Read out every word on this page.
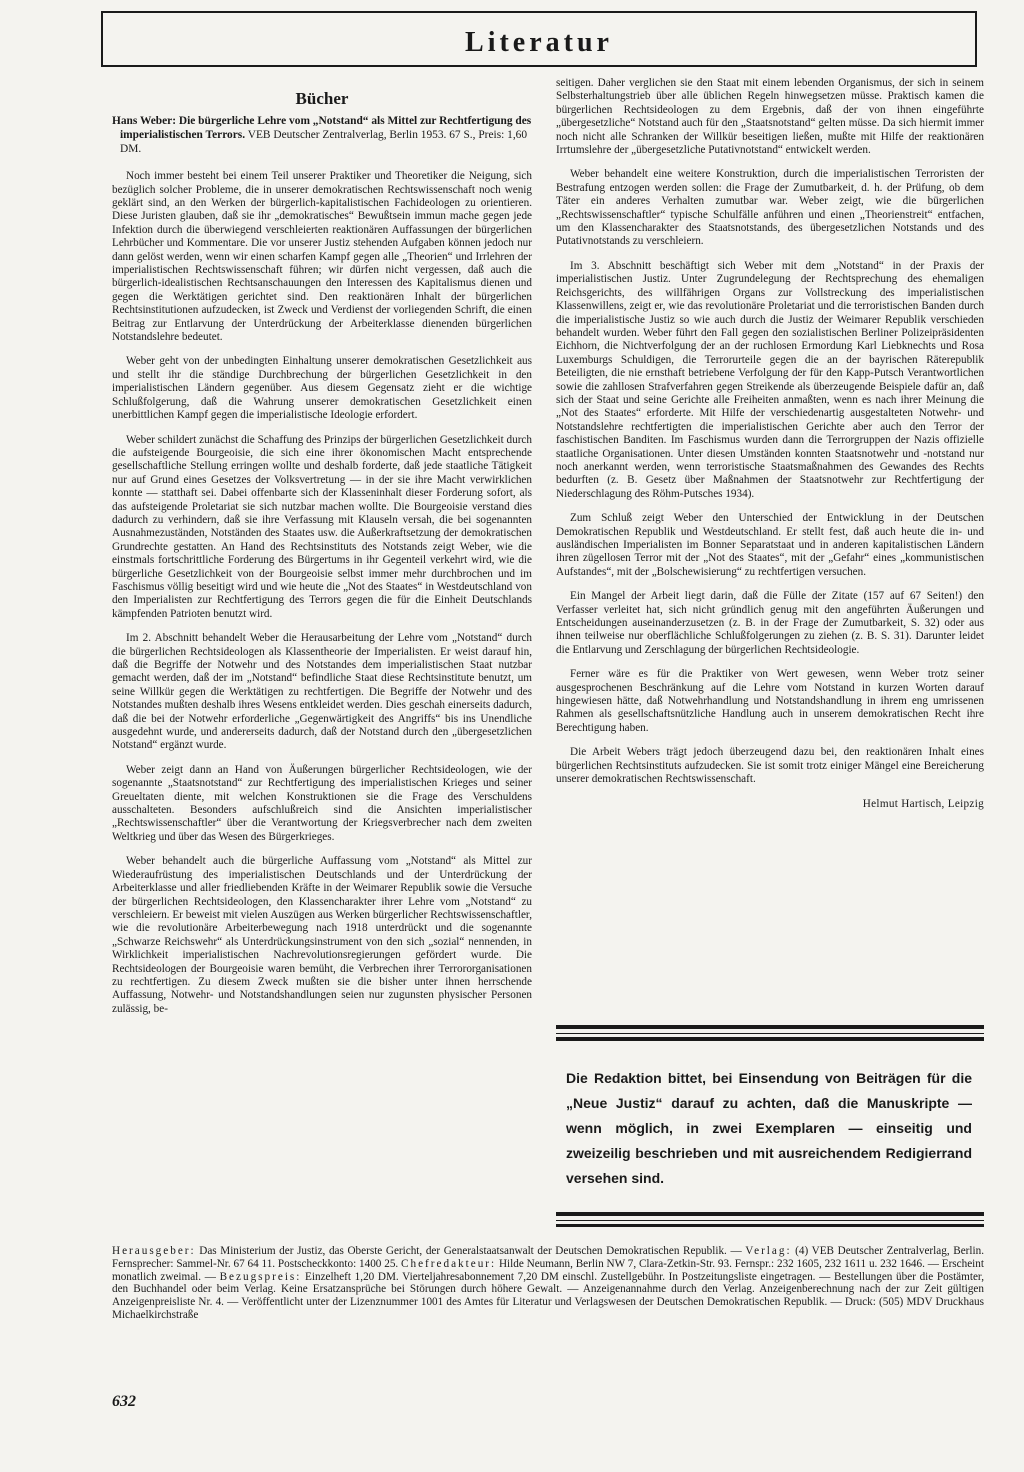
Literatur
Bücher
Hans Weber: Die bürgerliche Lehre vom „Notstand“ als Mittel zur Rechtfertigung des imperialistischen Terrors. VEB Deutscher Zentralverlag, Berlin 1953. 67 S., Preis: 1,60 DM.

Noch immer besteht bei einem Teil unserer Praktiker und Theoretiker die Neigung, sich bezüglich solcher Probleme, die in unserer demokratischen Rechtswissenschaft noch wenig geklärt sind, an den Werken der bürgerlich-kapitalistischen Fachideologen zu orientieren. Diese Juristen glauben, daß sie ihr „demokratisches“ Bewußtsein immun mache gegen jede Infektion durch die überwiegend verschleierten reaktionären Auffassungen der bürgerlichen Lehrbücher und Kommentare. Die vor unserer Justiz stehenden Aufgaben können jedoch nur dann gelöst werden, wenn wir einen scharfen Kampf gegen alle „Theorien“ und Irrlehren der imperialistischen Rechtswissenschaft führen; wir dürfen nicht vergessen, daß auch die bürgerlich-idealistischen Rechtsanschauungen den Interessen des Kapitalismus dienen und gegen die Werktätigen gerichtet sind. Den reaktionären Inhalt der bürgerlichen Rechtsinstitutionen aufzudecken, ist Zweck und Verdienst der vorliegenden Schrift, die einen Beitrag zur Entlarvung der Unterdrückung der Arbeiterklasse dienenden bürgerlichen Notstandslehre bedeutet.

Weber geht von der unbedingten Einhaltung unserer demokratischen Gesetzlichkeit aus und stellt ihr die ständige Durchbrechung der bürgerlichen Gesetzlichkeit in den imperialistischen Ländern gegenüber. Aus diesem Gegensatz zieht er die wichtige Schlußfolgerung, daß die Wahrung unserer demokratischen Gesetzlichkeit einen unerbittlichen Kampf gegen die imperialistische Ideologie erfordert.

Weber schildert zunächst die Schaffung des Prinzips der bürgerlichen Gesetzlichkeit durch die aufsteigende Bourgeoisie, die sich eine ihrer ökonomischen Macht entsprechende gesellschaftliche Stellung erringen wollte und deshalb forderte, daß jede staatliche Tätigkeit nur auf Grund eines Gesetzes der Volksvertretung — in der sie ihre Macht verwirklichen konnte — statthaft sei. Dabei offenbarte sich der Klasseninhalt dieser Forderung sofort, als das aufsteigende Proletariat sie sich nutzbar machen wollte. Die Bourgeoisie verstand dies dadurch zu verhindern, daß sie ihre Verfassung mit Klauseln versah, die bei sogenannten Ausnahmezuständen, Notständen des Staates usw. die Außerkraftsetzung der demokratischen Grundrechte gestatten. An Hand des Rechtsinstituts des Notstands zeigt Weber, wie die einstmals fortschrittliche Forderung des Bürgertums in ihr Gegenteil verkehrt wird, wie die bürgerliche Gesetzlichkeit von der Bourgeoisie selbst immer mehr durchbrochen und im Faschismus völlig beseitigt wird und wie heute die „Not des Staates“ in Westdeutschland von den Imperialisten zur Rechtfertigung des Terrors gegen die für die Einheit Deutschlands kämpfenden Patrioten benutzt wird.

Im 2. Abschnitt behandelt Weber die Herausarbeitung der Lehre vom „Notstand“ durch die bürgerlichen Rechtsideologen als Klassentheorie der Imperialisten. Er weist darauf hin, daß die Begriffe der Notwehr und des Notstandes dem imperialistischen Staat nutzbar gemacht werden, daß der im „Notstand“ befindliche Staat diese Rechtsinstitute benutzt, um seine Willkür gegen die Werktätigen zu rechtfertigen. Die Begriffe der Notwehr und des Notstandes mußten deshalb ihres Wesens entkleidet werden. Dies geschah einerseits dadurch, daß die bei der Notwehr erforderliche „Gegenwärtigkeit des Angriffs“ bis ins Unendliche ausgedehnt wurde, und andererseits dadurch, daß der Notstand durch den „übergesetzlichen Notstand“ ergänzt wurde.

Weber zeigt dann an Hand von Äußerungen bürgerlicher Rechtsideologen, wie der sogenannte „Staatsnotstand“ zur Rechtfertigung des imperialistischen Krieges und seiner Greueltaten diente, mit welchen Konstruktionen sie die Frage des Verschuldens ausschalteten. Besonders aufschlußreich sind die Ansichten imperialistischer „Rechtswissenschaftler“ über die Verantwortung der Kriegsverbrecher nach dem zweiten Weltkrieg und über das Wesen des Bürgerkrieges.

Weber behandelt auch die bürgerliche Auffassung vom „Notstand“ als Mittel zur Wiederaufrüstung des imperialistischen Deutschlands und der Unterdrückung der Arbeiterklasse und aller friedliebenden Kräfte in der Weimarer Republik sowie die Versuche der bürgerlichen Rechtsideologen, den Klassencharakter ihrer Lehre vom „Notstand“ zu verschleiern. Er beweist mit vielen Auszügen aus Werken bürgerlicher Rechtswissenschaftler, wie die revolutionäre Arbeiterbewegung nach 1918 unterdrückt und die sogenannte „Schwarze Reichswehr“ als Unterdrückungsinstrument von den sich „sozial“ nennenden, in Wirklichkeit imperialistischen Nachrevolutionsregierungen gefördert wurde. Die Rechtsideologen der Bourgeoisie waren bemüht, die Verbrechen ihrer Terrororganisationen zu rechtfertigen. Zu diesem Zweck mußten sie die bisher unter ihnen herrschende Auffassung, Notwehr- und Notstandshandlungen seien nur zugunsten physischer Personen zulässig, be-

seitigen. Daher verglichen sie den Staat mit einem lebenden Organismus, der sich in seinem Selbsterhaltungstrieb über alle üblichen Regeln hinwegsetzen müsse. Praktisch kamen die bürgerlichen Rechtsideologen zu dem Ergebnis, daß der von ihnen eingeführte „übergesetzliche“ Notstand auch für den „Staatsnotstand“ gelten müsse. Da sich hiermit immer noch nicht alle Schranken der Willkür beseitigen ließen, mußte mit Hilfe der reaktionären Irrtumslehre der „übergesetzliche Putativnotstand“ entwickelt werden.

Weber behandelt eine weitere Konstruktion, durch die imperialistischen Terroristen der Bestrafung entzogen werden sollen: die Frage der Zumutbarkeit, d. h. der Prüfung, ob dem Täter ein anderes Verhalten zumutbar war. Weber zeigt, wie die bürgerlichen „Rechtswissenschaftler“ typische Schulfälle anführen und einen „Theorienstreit“ entfachen, um den Klassencharakter des Staatsnotstands, des übergesetzlichen Notstands und des Putativnotstands zu verschleiern.

Im 3. Abschnitt beschäftigt sich Weber mit dem „Notstand“ in der Praxis der imperialistischen Justiz. Unter Zugrundelegung der Rechtsprechung des ehemaligen Reichsgerichts, des willfährigen Organs zur Vollstreckung des imperialistischen Klassenwillens, zeigt er, wie das revolutionäre Proletariat und die terroristischen Banden durch die imperialistische Justiz so wie auch durch die Justiz der Weimarer Republik verschieden behandelt wurden. Weber führt den Fall gegen den sozialistischen Berliner Polizeipräsidenten Eichhorn, die Nichtverfolgung der an der ruchlosen Ermordung Karl Liebknechts und Rosa Luxemburgs Schuldigen, die Terrorurteile gegen die an der bayrischen Räterepublik Beteiligten, die nie ernsthaft betriebene Verfolgung der für den Kapp-Putsch Verantwortlichen sowie die zahllosen Strafverfahren gegen Streikende als überzeugende Beispiele dafür an, daß sich der Staat und seine Gerichte alle Freiheiten anmaßten, wenn es nach ihrer Meinung die „Not des Staates“ erforderte. Mit Hilfe der verschiedenartig ausgestalteten Notwehr- und Notstandslehre rechtfertigten die imperialistischen Gerichte aber auch den Terror der faschistischen Banditen. Im Faschismus wurden dann die Terrorgruppen der Nazis offizielle staatliche Organisationen. Unter diesen Umständen konnten Staatsnotwehr und -notstand nur noch anerkannt werden, wenn terroristische Staatsmaßnahmen des Gewandes des Rechts bedurften (z. B. Gesetz über Maßnahmen der Staatsnotwehr zur Rechtfertigung der Niederschlagung des Röhm-Putsches 1934).

Zum Schluß zeigt Weber den Unterschied der Entwicklung in der Deutschen Demokratischen Republik und Westdeutschland. Er stellt fest, daß auch heute die in- und ausländischen Imperialisten im Bonner Separatstaat und in anderen kapitalistischen Ländern ihren zügellosen Terror mit der „Not des Staates“, mit der „Gefahr“ eines „kommunistischen Aufstandes“, mit der „Bolschewisierung“ zu rechtfertigen versuchen.

Ein Mangel der Arbeit liegt darin, daß die Fülle der Zitate (157 auf 67 Seiten!) den Verfasser verleitet hat, sich nicht gründlich genug mit den angeführten Äußerungen und Entscheidungen auseinanderzusetzen (z. B. in der Frage der Zumutbarkeit, S. 32) oder aus ihnen teilweise nur oberflächliche Schlußfolgerungen zu ziehen (z. B. S. 31). Darunter leidet die Entlarvung und Zerschlagung der bürgerlichen Rechtsideologie.

Ferner wäre es für die Praktiker von Wert gewesen, wenn Weber trotz seiner ausgesprochenen Beschränkung auf die Lehre vom Notstand in kurzen Worten darauf hingewiesen hätte, daß Notwehrhandlung und Notstandshandlung in ihrem eng umrissenen Rahmen als gesellschaftsnützliche Handlung auch in unserem demokratischen Recht ihre Berechtigung haben.

Die Arbeit Webers trägt jedoch überzeugend dazu bei, den reaktionären Inhalt eines bürgerlichen Rechtsinstituts aufzudecken. Sie ist somit trotz einiger Mängel eine Bereicherung unserer demokratischen Rechtswissenschaft.

Helmut Hartisch, Leipzig

Die Redaktion bittet, bei Einsendung von Beiträgen für die „Neue Justiz“ darauf zu achten, daß die Manuskripte — wenn möglich, in zwei Exemplaren — einseitig und zweizeilig beschrieben und mit ausreichendem Redigierrand versehen sind.
Herausgeber: Das Ministerium der Justiz, das Oberste Gericht, der Generalstaatsanwalt der Deutschen Demokratischen Republik. — Verlag: (4) VEB Deutscher Zentralverlag, Berlin. Fernsprecher: Sammel-Nr. 67 64 11. Postscheckkonto: 1400 25. Chefredakteur: Hilde Neumann, Berlin NW 7, Clara-Zetkin-Str. 93. Fernspr.: 232 1605, 232 1611 u. 232 1646. — Erscheint monatlich zweimal. — Bezugspreis: Einzelheft 1,20 DM. Vierteljahresabonnement 7,20 DM einschl. Zustellgebühr. In Postzeitungsliste eingetragen. — Bestellungen über die Postämter, den Buchhandel oder beim Verlag. Keine Ersatzansprüche bei Störungen durch höhere Gewalt. — Anzeigenannahme durch den Verlag. Anzeigenberechnung nach der zur Zeit gültigen Anzeigenpreisliste Nr. 4. — Veröffentlicht unter der Lizenznummer 1001 des Amtes für Literatur und Verlagswesen der Deutschen Demokratischen Republik. — Druck: (505) MDV Druckhaus Michaelkirchstraße
632
